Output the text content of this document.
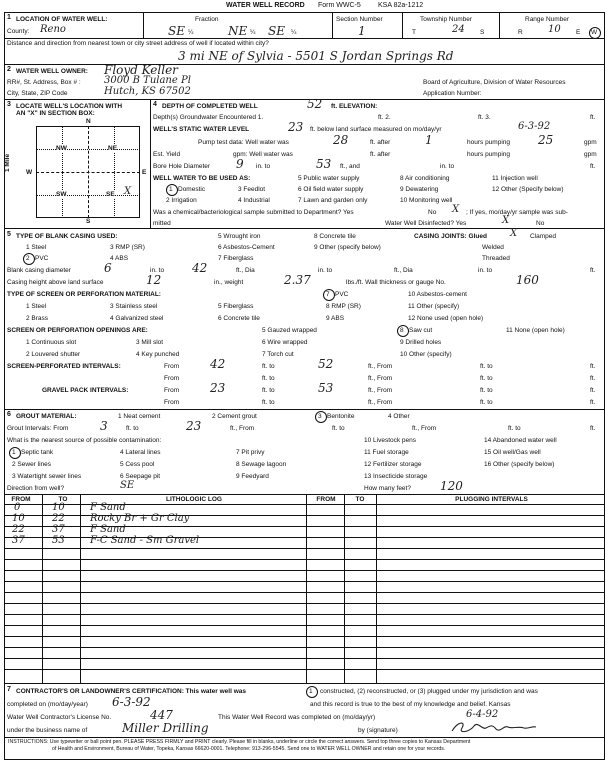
WATER WELL RECORD Form WWC-5 KSA 82a-1212
1 LOCATION OF WATER WELL:
County: Reno
Fraction
SE ¼	NE ¼ SE ¼
Section Number
1
Township Number
T	24 S
Range Number
R	10 E W
Distance and direction from nearest town or city street address of well if located within city?
3 mi NE of Sylvia - 5501 S Jordan Springs Rd
2 WATER WELL OWNER: Floyd Keller
RR#, St. Address, Box # : 3000 B Tulane Pl	Board of Agriculture, Division of Water Resources
City, State, ZIP Code	Hutch, KS 67502	Application Number:
3 LOCATE WELL'S LOCATION WITH
AN "X" IN SECTION BOX:
N
S
W	E
1 Mile
NW	NE
SW	SE X
4 DEPTH OF COMPLETED WELL	52 ft. ELEVATION:
Depth(s) Groundwater Encountered 1.	ft. 2.	ft. 3.	ft.
WELL'S STATIC WATER LEVEL	23 ft. below land surface measured on mo/day/yr	6-3-92
Pump test data: Well water was	28	ft. after	1	hours pumping 25	gpm
Est. Yield	gpm: Well water was	ft. after	hours pumping	gpm
Bore Hole Diameter 9 in. to	53 ft., and	in. to	ft.
WELL WATER TO BE USED AS:	5 Public water supply	8 Air conditioning	11 Injection well
1 Domestic	3 Feedlot	6 Oil field water supply	9 Dewatering	12 Other (Specify below)
2 Irrigation	4 Industrial	7 Lawn and garden only	10 Monitoring well
Was a chemical/bacteriological sample submitted to Department? Yes	No X ; If yes, mo/day/yr sample was sub-
mitted	Water Well Disinfected? Yes	X	No
5 TYPE OF BLANK CASING USED:	5 Wrought iron	8 Concrete tile	CASING JOINTS: Glued X Clamped
1 Steel	3 RMP (SR)	6 Asbestos-Cement	9 Other (specify below)	Welded
2 PVC	4 ABS	7 Fiberglass	Threaded
Blank casing diameter	6	in. to 42	ft., Dia	in. to	ft., Dia	in. to	ft.
Casing height above land surface	12	in., weight	2.37	lbs./ft. Wall thickness or gauge No.	160
TYPE OF SCREEN OR PERFORATION MATERIAL:	7 PVC	10 Asbestos-cement
1 Steel	3 Stainless steel	5 Fiberglass	8 RMP (SR)	11 Other (specify)
2 Brass	4 Galvanized steel	6 Concrete tile	9 ABS	12 None used (open hole)
SCREEN OR PERFORATION OPENINGS ARE:	5 Gauzed wrapped	8 Saw cut	11 None (open hole)
1 Continuous slot	3 Mill slot	6 Wire wrapped	9 Drilled holes
2 Louvered shutter	4 Key punched	7 Torch cut	10 Other (specify)
SCREEN-PERFORATED INTERVALS:	From	42	ft. to	52	ft., From	ft. to	ft.
From	ft. to	ft., From	ft. to	ft.
GRAVEL PACK INTERVALS:	From	23	ft. to	53	ft., From	ft. to	ft.
From	ft. to	ft., From	ft. to	ft.
6 GROUT MATERIAL:	1 Neat cement	2 Cement grout	3 Bentonite	4 Other
Grout Intervals: From	3	ft. to	23	ft., From	ft. to	ft., From	ft. to	ft.
What is the nearest source of possible contamination:	10 Livestock pens	14 Abandoned water well
1 Septic tank	4 Lateral lines	7 Pit privy	11 Fuel storage	15 Oil well/Gas well
2 Sewer lines	5 Cess pool	8 Sewage lagoon	12 Fertilizer storage	16 Other (specify below)
3 Watertight sewer lines	6 Seepage pit	9 Feedyard	13 Insecticide storage
Direction from well?	SE	How many feet? 120
FROM	TO	LITHOLOGIC LOG	FROM	TO	PLUGGING INTERVALS
0	10	F Sand
10	22	Rocky Br + Gr Clay
22	37	F Sand
37	53	F-C Sand - Sm Gravel
7 CONTRACTOR'S OR LANDOWNER'S CERTIFICATION: This water well was	1 constructed, (2) reconstructed, or (3) plugged under my jurisdiction and was
completed on (mo/day/year) 6-3-92	and this record is true to the best of my knowledge and belief. Kansas
Water Well Contractor's License No.	447	This Water Well Record was completed on (mo/day/yr)	6-4-92
under the business name of	Miller Drilling	by (signature)
INSTRUCTIONS: Use typewriter or ball point pen. PLEASE PRESS FIRMLY and PRINT clearly. Please fill in blanks, underline or circle the correct answers. Send top three copies to Kansas Department
of Health and Environment, Bureau of Water, Topeka, Kansas 66620-0001. Telephone: 913-296-5545. Send one to WATER WELL OWNER and retain one for your records.
